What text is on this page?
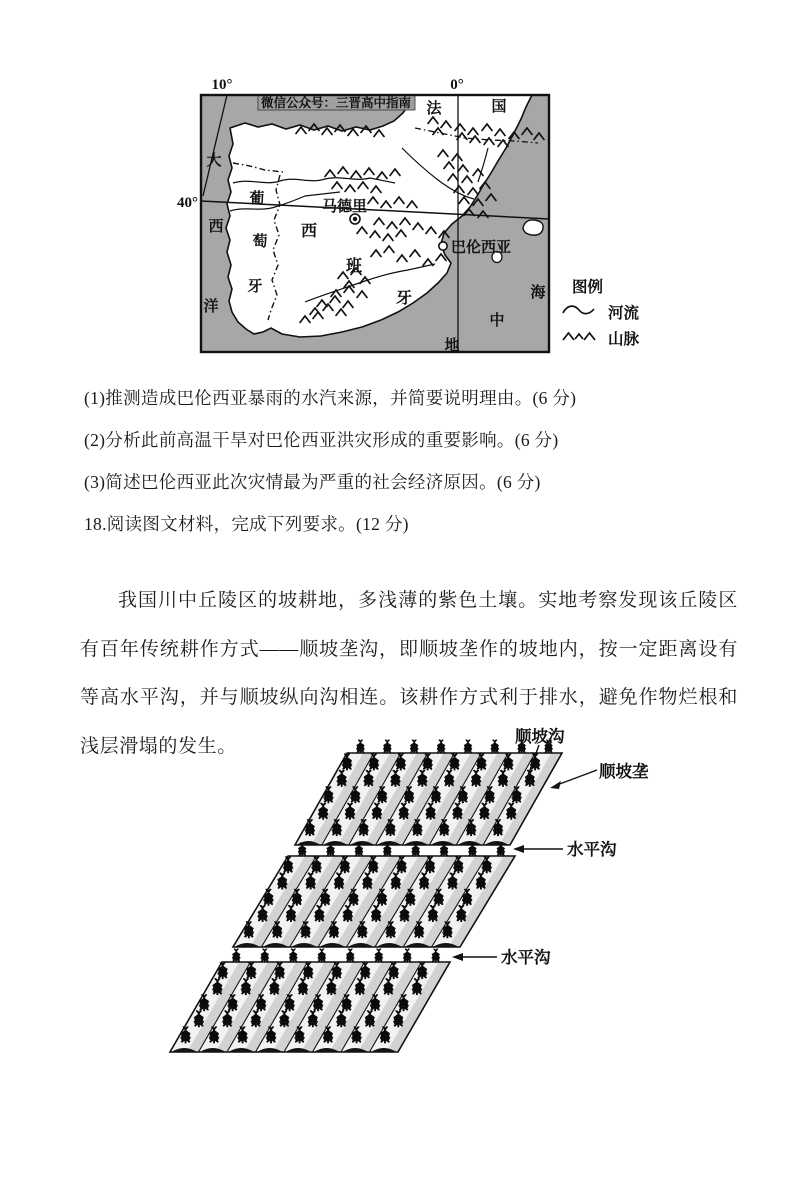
微信公众号：三晋高中指南
马德里
巴伦西亚
法	国
大
西
洋
葡
萄
牙
西
班
牙
地
中
海
10°	0°
40°
图例
河流
山脉
(1)推测造成巴伦西亚暴雨的水汽来源，并简要说明理由。(6 分)
(2)分析此前高温干旱对巴伦西亚洪灾形成的重要影响。(6 分)
(3)简述巴伦西亚此次灾情最为严重的社会经济原因。(6 分)
18.阅读图文材料，完成下列要求。(12 分)
我国川中丘陵区的坡耕地，多浅薄的紫色土壤。实地考察发现该丘陵区有百年传统耕作方式——顺坡垄沟，即顺坡垄作的坡地内，按一定距离设有等高水平沟，并与顺坡纵向沟相连。该耕作方式利于排水，避免作物烂根和浅层滑塌的发生。	顺坡沟
顺坡垄
水平沟
水平沟
